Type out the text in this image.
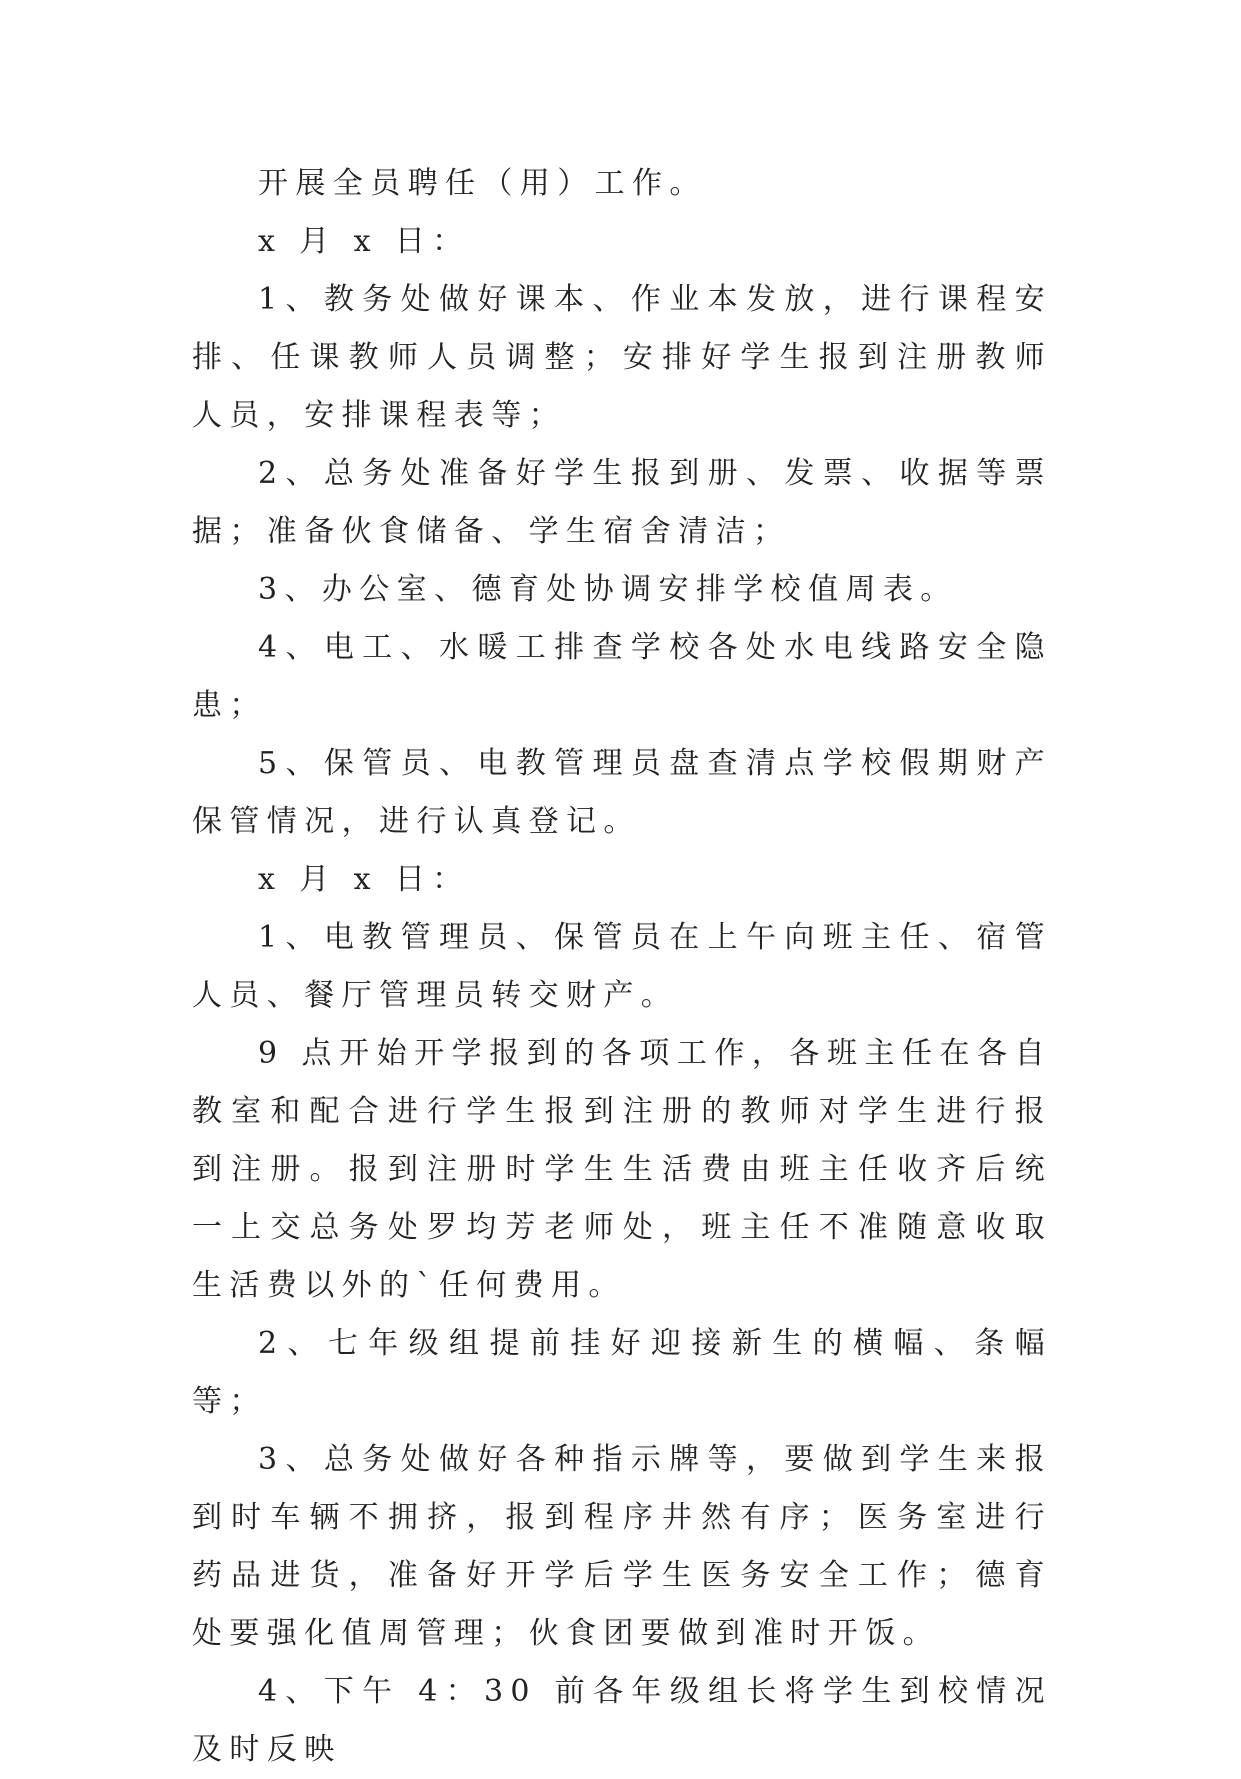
开展全员聘任（用）工作。

x 月 x 日：

1、教务处做好课本、作业本发放，进行课程安排、任课教师人员调整；安排好学生报到注册教师人员，安排课程表等；

2、总务处准备好学生报到册、发票、收据等票据；准备伙食储备、学生宿舍清洁；

3、办公室、德育处协调安排学校值周表。

4、电工、水暖工排查学校各处水电线路安全隐患；

5、保管员、电教管理员盘查清点学校假期财产保管情况，进行认真登记。

x 月 x 日：

1、电教管理员、保管员在上午向班主任、宿管人员、餐厅管理员转交财产。

9 点开始开学报到的各项工作，各班主任在各自教室和配合进行学生报到注册的教师对学生进行报到注册。报到注册时学生生活费由班主任收齐后统一上交总务处罗均芳老师处，班主任不准随意收取生活费以外的`任何费用。

2、七年级组提前挂好迎接新生的横幅、条幅等；

3、总务处做好各种指示牌等，要做到学生来报到时车辆不拥挤，报到程序井然有序；医务室进行药品进货，准备好开学后学生医务安全工作；德育处要强化值周管理；伙食团要做到准时开饭。

4、下午 4：30 前各年级组长将学生到校情况及时反映
